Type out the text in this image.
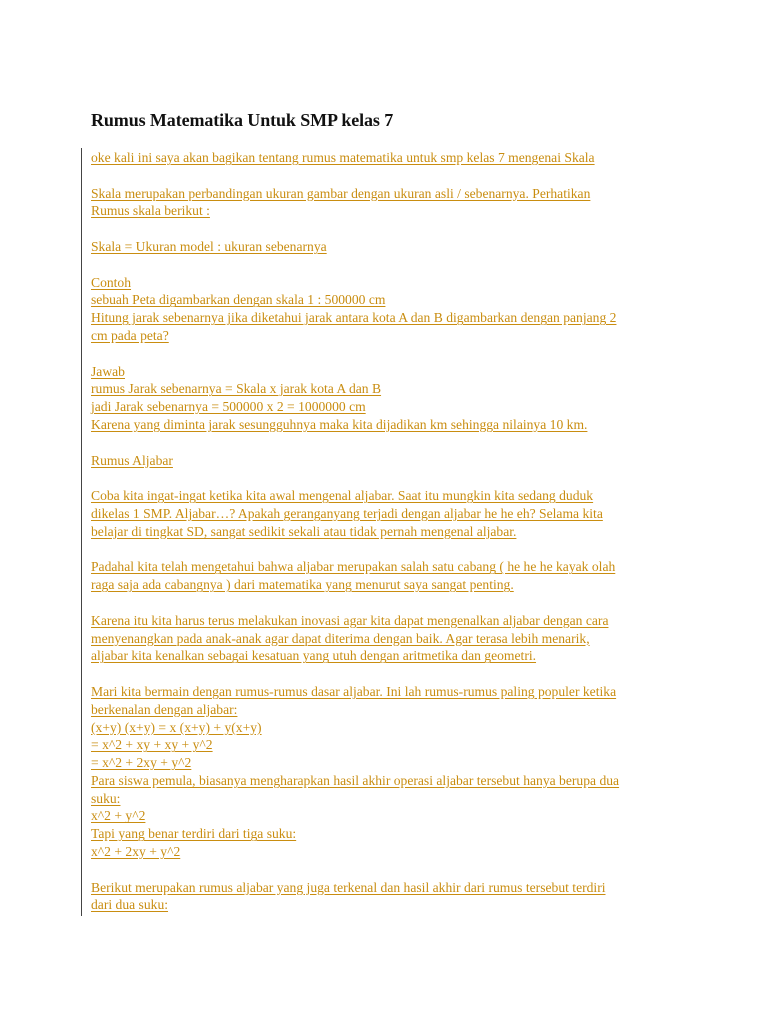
Rumus Matematika Untuk SMP kelas 7
oke kali ini saya akan bagikan tentang rumus matematika untuk smp kelas 7 mengenai Skala
Skala merupakan perbandingan ukuran gambar dengan ukuran asli / sebenarnya. Perhatikan
Rumus skala berikut :
Skala = Ukuran model : ukuran sebenarnya
Contoh
sebuah Peta digambarkan dengan skala 1 : 500000 cm
Hitung jarak sebenarnya jika diketahui jarak antara kota A dan B digambarkan dengan panjang 2
cm pada peta?
Jawab
rumus Jarak sebenarnya = Skala x jarak kota A dan B
jadi Jarak sebenarnya = 500000 x 2 = 1000000 cm
Karena yang diminta jarak sesungguhnya maka kita dijadikan km sehingga nilainya 10 km.
Rumus Aljabar
Coba kita ingat-ingat ketika kita awal mengenal aljabar. Saat itu mungkin kita sedang duduk
dikelas 1 SMP. Aljabar…? Apakah geranganyang terjadi dengan aljabar he he eh? Selama kita
belajar di tingkat SD, sangat sedikit sekali atau tidak pernah mengenal aljabar.
Padahal kita telah mengetahui bahwa aljabar merupakan salah satu cabang ( he he he kayak olah
raga saja ada cabangnya ) dari matematika yang menurut saya sangat penting.
Karena itu kita harus terus melakukan inovasi agar kita dapat mengenalkan aljabar dengan cara
menyenangkan pada anak-anak agar dapat diterima dengan baik. Agar terasa lebih menarik,
aljabar kita kenalkan sebagai kesatuan yang utuh dengan aritmetika dan geometri.
Mari kita bermain dengan rumus-rumus dasar aljabar. Ini lah rumus-rumus paling populer ketika
berkenalan dengan aljabar:
(x+y) (x+y) = x (x+y) + y(x+y)
= x^2 + xy + xy + y^2
= x^2 + 2xy + y^2
Para siswa pemula, biasanya mengharapkan hasil akhir operasi aljabar tersebut hanya berupa dua
suku:
x^2 + y^2
Tapi yang benar terdiri dari tiga suku:
x^2 + 2xy + y^2
Berikut merupakan rumus aljabar yang juga terkenal dan hasil akhir dari rumus tersebut terdiri
dari dua suku:
